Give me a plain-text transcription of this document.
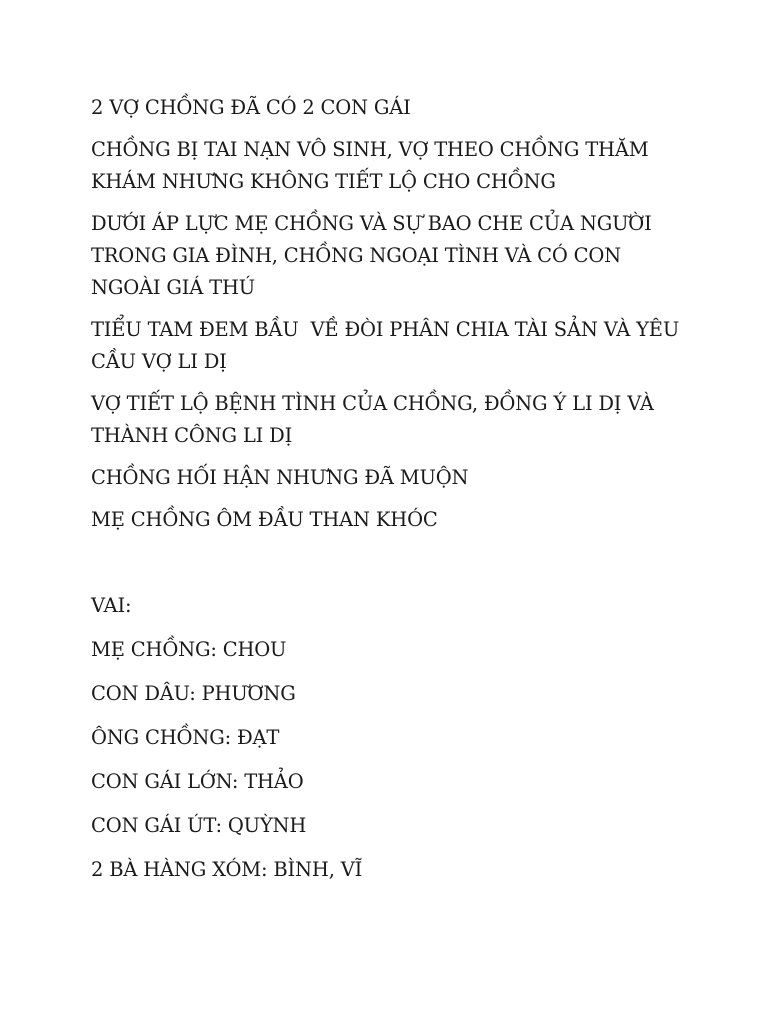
2 VỢ CHỒNG ĐÃ CÓ 2 CON GÁI

CHỒNG BỊ TAI NẠN VÔ SINH, VỢ THEO CHỒNG THĂM KHÁM NHƯNG KHÔNG TIẾT LỘ CHO CHỒNG

DƯỚI ÁP LỰC MẸ CHỒNG VÀ SỰ BAO CHE CỦA NGƯỜI TRONG GIA ĐÌNH, CHỒNG NGOẠI TÌNH VÀ CÓ CON NGOÀI GIÁ THÚ

TIỂU TAM ĐEM BẦU  VỀ ĐÒI PHÂN CHIA TÀI SẢN VÀ YÊU CẦU VỢ LI DỊ

VỢ TIẾT LỘ BỆNH TÌNH CỦA CHỒNG, ĐỒNG Ý LI DỊ VÀ THÀNH CÔNG LI DỊ

CHỒNG HỐI HẬN NHƯNG ĐÃ MUỘN

MẸ CHỒNG ÔM ĐẦU THAN KHÓC

VAI:

MẸ CHỒNG: CHOU

CON DÂU: PHƯƠNG

ÔNG CHỒNG: ĐẠT

CON GÁI LỚN: THẢO

CON GÁI ÚT: QUỲNH

2 BÀ HÀNG XÓM: BÌNH, VĨ
